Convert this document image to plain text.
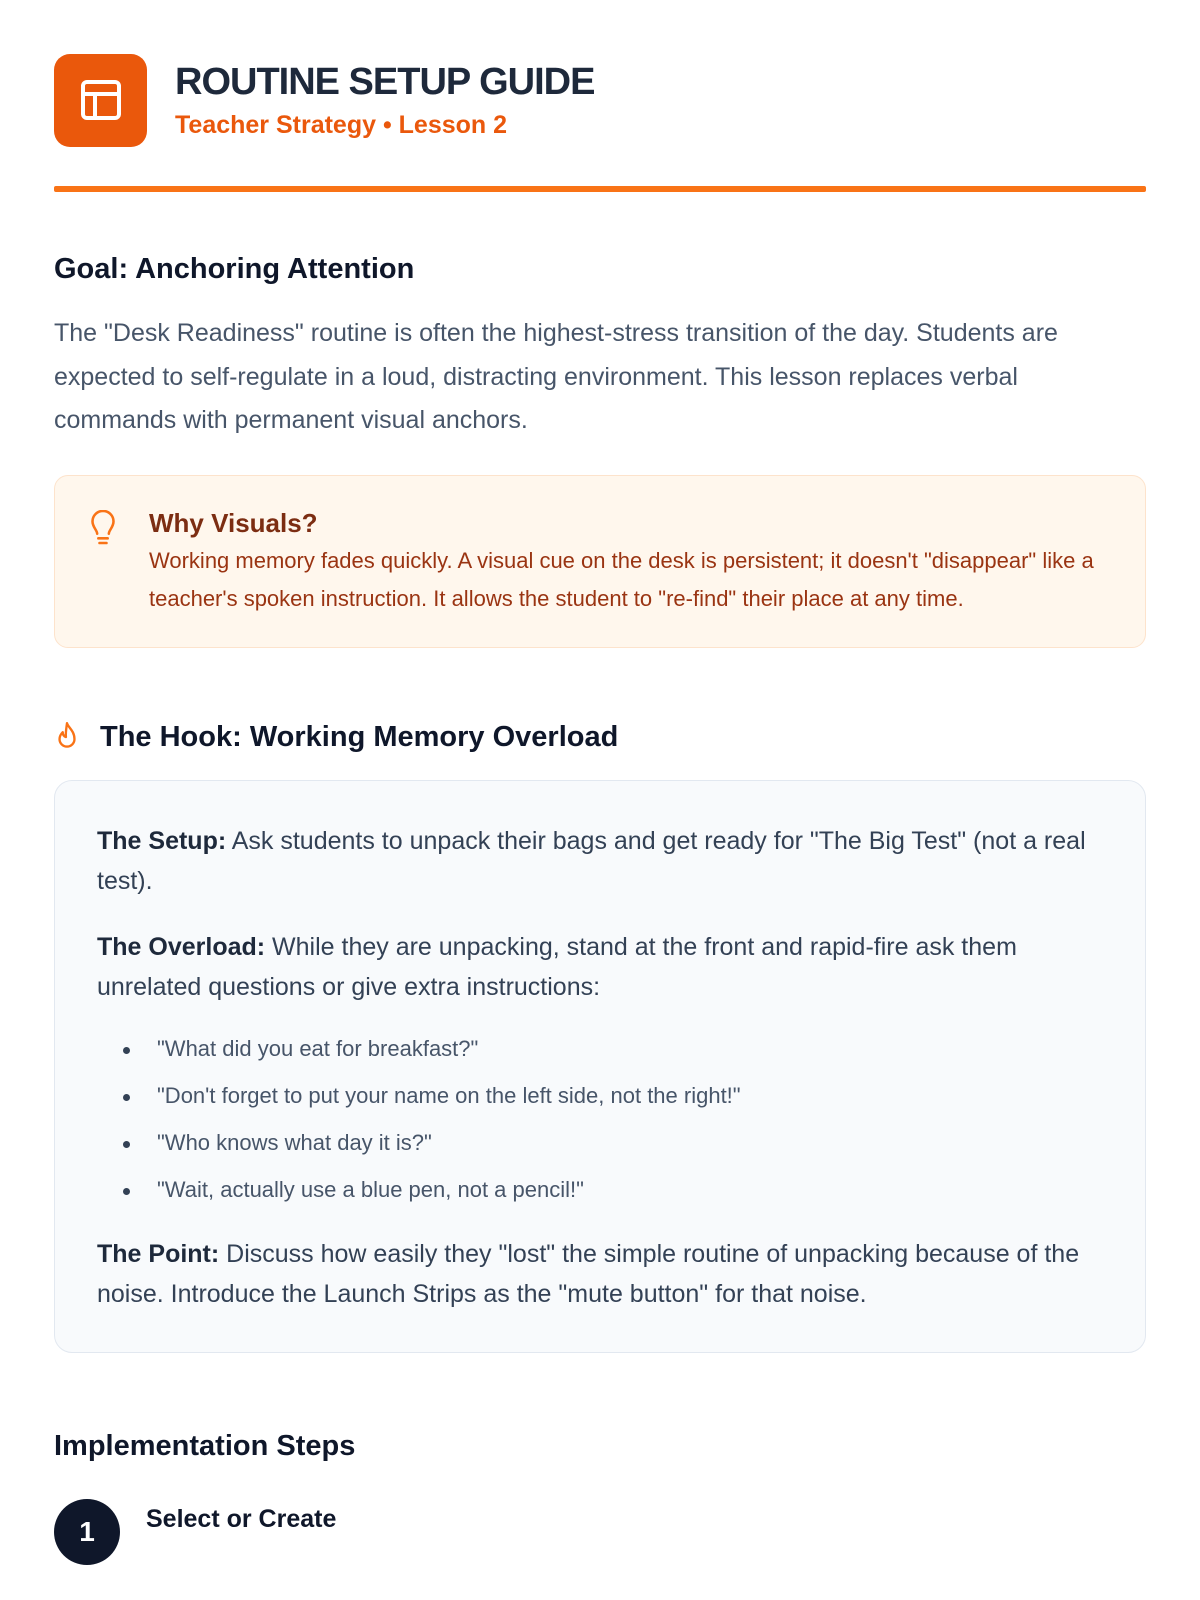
ROUTINE SETUP GUIDE
Teacher Strategy • Lesson 2
Goal: Anchoring Attention

The "Desk Readiness" routine is often the highest-stress transition of the day. Students are expected to self-regulate in a loud, distracting environment. This lesson replaces verbal commands with permanent visual anchors.

Why Visuals?
Working memory fades quickly. A visual cue on the desk is persistent; it doesn't "disappear" like a teacher's spoken instruction. It allows the student to "re-find" their place at any time.
The Hook: Working Memory Overload

The Setup: Ask students to unpack their bags and get ready for "The Big Test" (not a real test).

The Overload: While they are unpacking, stand at the front and rapid-fire ask them unrelated questions or give extra instructions:

"What did you eat for breakfast?"
"Don't forget to put your name on the left side, not the right!"
"Who knows what day it is?"
"Wait, actually use a blue pen, not a pencil!"

The Point: Discuss how easily they "lost" the simple routine of unpacking because of the noise. Introduce the Launch Strips as the "mute button" for that noise.

Implementation Steps
1	Select or Create
